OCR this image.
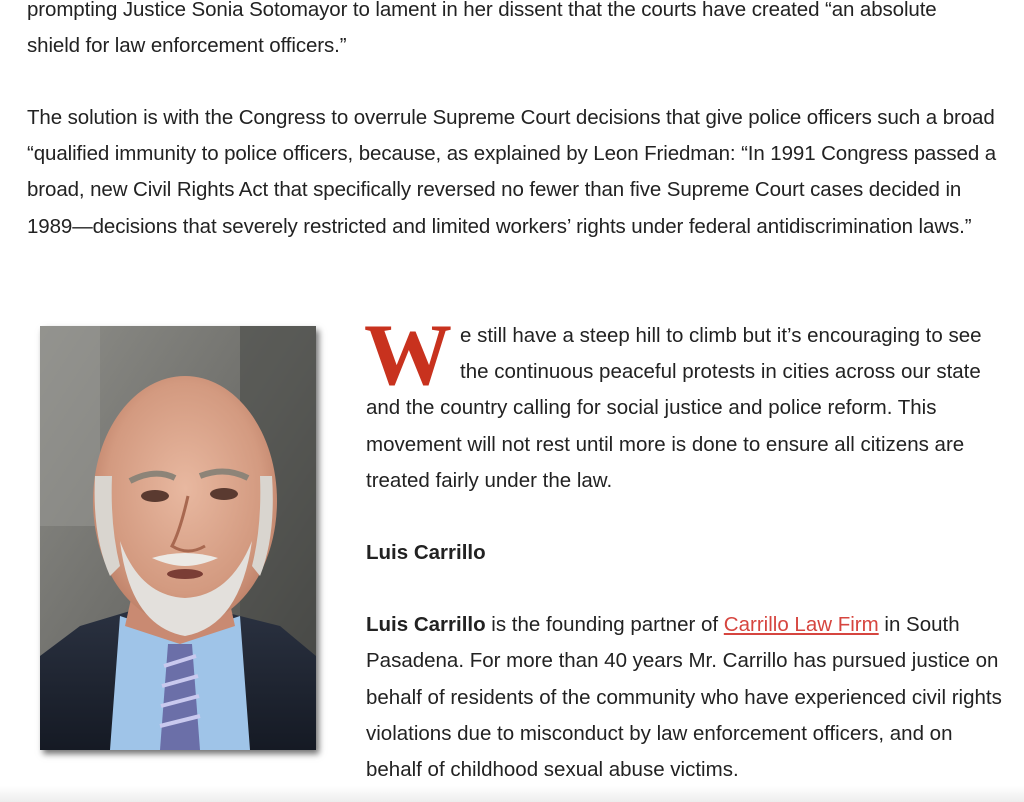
prompting Justice Sonia Sotomayor to lament in her dissent that the courts have created “an absolute shield for law enforcement officers.”

The solution is with the Congress to overrule Supreme Court decisions that give police officers such a broad “qualified immunity to police officers, because, as explained by Leon Friedman: “In 1991 Congress passed a broad, new Civil Rights Act that specifically reversed no fewer than five Supreme Court cases decided in 1989—decisions that severely restricted and limited workers’ rights under federal antidiscrimination laws.”

We still have a steep hill to climb but it’s encouraging to see the continuous peaceful protests in cities across our state and the country calling for social justice and police reform. This movement will not rest until more is done to ensure all citizens are treated fairly under the law.

Luis Carrillo

Luis Carrillo is the founding partner of Carrillo Law Firm in South Pasadena. For more than 40 years Mr. Carrillo has pursued justice on behalf of residents of the community who have experienced civil rights violations due to misconduct by law enforcement officers, and on behalf of childhood sexual abuse victims.
